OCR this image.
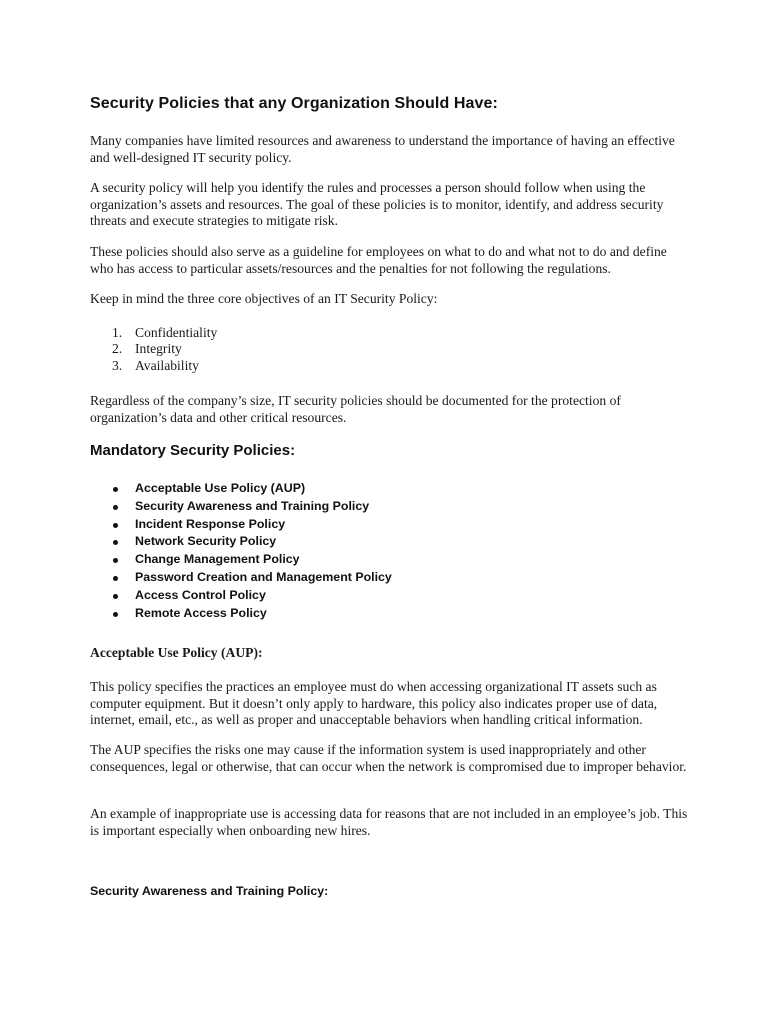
Security Policies that any Organization Should Have:

Many companies have limited resources and awareness to understand the importance of having an effective and well-designed IT security policy.

A security policy will help you identify the rules and processes a person should follow when using the organization’s assets and resources. The goal of these policies is to monitor, identify, and address security threats and execute strategies to mitigate risk.

These policies should also serve as a guideline for employees on what to do and what not to do and define who has access to particular assets/resources and the penalties for not following the regulations.

Keep in mind the three core objectives of an IT Security Policy:

1. Confidentiality
2. Integrity
3. Availability

Regardless of the company’s size, IT security policies should be documented for the protection of organization’s data and other critical resources.

Mandatory Security Policies:
Acceptable Use Policy (AUP)
Security Awareness and Training Policy
Incident Response Policy
Network Security Policy
Change Management Policy
Password Creation and Management Policy
Access Control Policy
Remote Access Policy
Acceptable Use Policy (AUP):

This policy specifies the practices an employee must do when accessing organizational IT assets such as computer equipment. But it doesn’t only apply to hardware, this policy also indicates proper use of data, internet, email, etc., as well as proper and unacceptable behaviors when handling critical information.

The AUP specifies the risks one may cause if the information system is used inappropriately and other consequences, legal or otherwise, that can occur when the network is compromised due to improper behavior.

An example of inappropriate use is accessing data for reasons that are not included in an employee’s job. This is important especially when onboarding new hires.

Security Awareness and Training Policy:
